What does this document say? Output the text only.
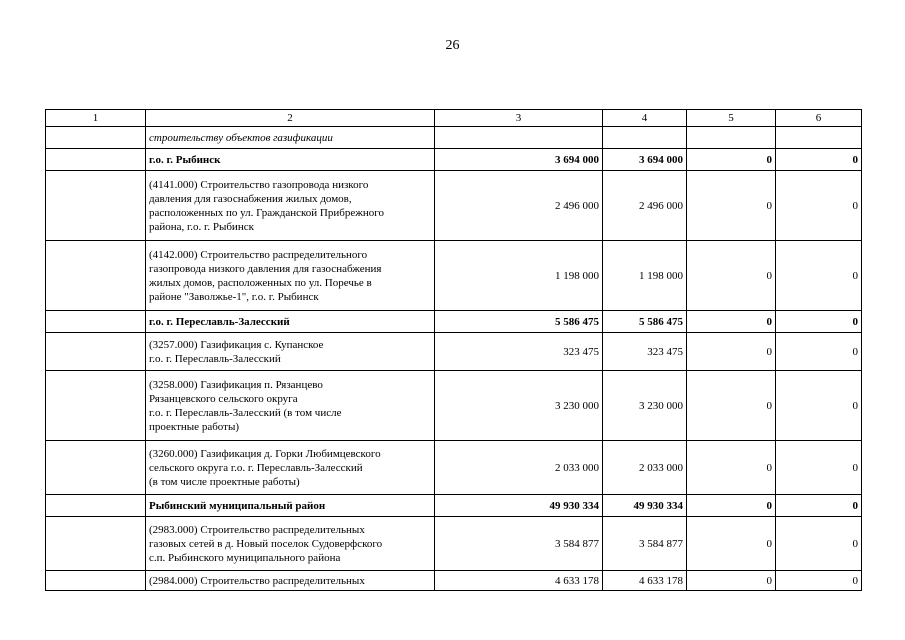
26
1	2	3	4	5	6

	строительству объектов газификации				

	г.о. г. Рыбинск	3 694 000	3 694 000	0	0

	(4141.000) Строительство газопровода низкого
давления для газоснабжения жилых домов,
расположенных по ул. Гражданской Прибрежного
района, г.о. г. Рыбинск	2 496 000	2 496 000	0	0

	(4142.000) Строительство распределительного
газопровода низкого давления для газоснабжения
жилых домов, расположенных по ул. Поречье в
районе "Заволжье-1", г.о. г. Рыбинск	1 198 000	1 198 000	0	0

	г.о. г. Переславль-Залесский	5 586 475	5 586 475	0	0

	(3257.000) Газификация с. Купанское
г.о. г. Переславль-Залесский	323 475	323 475	0	0

	(3258.000) Газификация п. Рязанцево
Рязанцевского сельского округа
г.о. г. Переславль-Залесский (в том числе
проектные работы)	3 230 000	3 230 000	0	0

	(3260.000) Газификация д. Горки Любимцевского
сельского округа г.о. г. Переславль-Залесский
(в том числе проектные работы)	2 033 000	2 033 000	0	0

	Рыбинский муниципальный район	49 930 334	49 930 334	0	0

	(2983.000) Строительство распределительных
газовых сетей в д. Новый поселок Судоверфского
с.п. Рыбинского муниципального района	3 584 877	3 584 877	0	0

	(2984.000) Строительство распределительных	4 633 178	4 633 178	0	0
